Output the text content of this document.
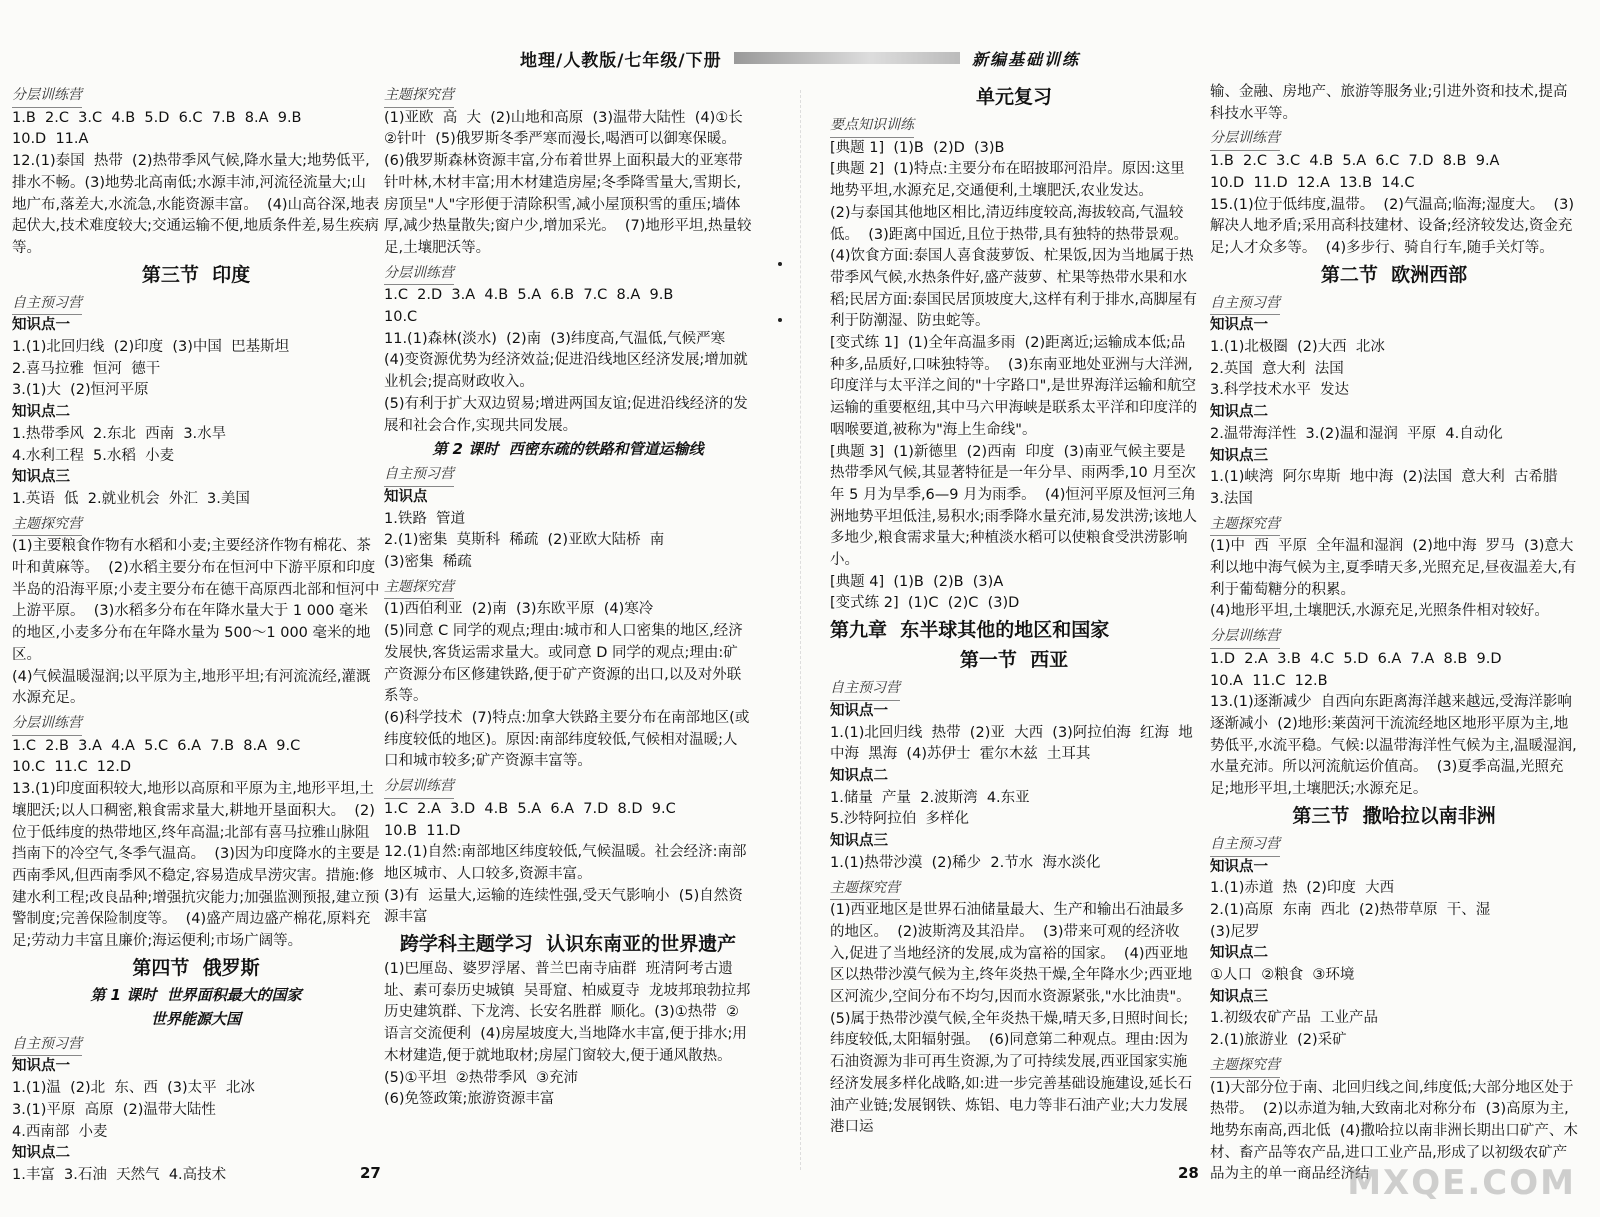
地理/人教版/七年级/下册	新编基础训练
分层训练营
1.B  2.C  3.C  4.B  5.D  6.C  7.B  8.A  9.B
10.D  11.A
12.(1)泰国  热带  (2)热带季风气候,降水量大;地势低平,排水不畅。(3)地势北高南低;水源丰沛,河流径流量大;山地广布,落差大,水流急,水能资源丰富。  (4)山高谷深,地表起伏大,技术难度较大;交通运输不便,地质条件差,易生疾病等。
第三节  印度
自主预习营
知识点一
1.(1)北回归线  (2)印度  (3)中国  巴基斯坦
2.喜马拉雅  恒河  德干
3.(1)大  (2)恒河平原
知识点二
1.热带季风  2.东北  西南  3.水旱
4.水利工程  5.水稻  小麦
知识点三
1.英语  低  2.就业机会  外汇  3.美国
主题探究营
(1)主要粮食作物有水稻和小麦;主要经济作物有棉花、茶叶和黄麻等。  (2)水稻主要分布在恒河中下游平原和印度半岛的沿海平原;小麦主要分布在德干高原西北部和恒河中上游平原。  (3)水稻多分布在年降水量大于 1 000 毫米的地区,小麦多分布在年降水量为 500～1 000 毫米的地区。
(4)气候温暖湿润;以平原为主,地形平坦;有河流流经,灌溉水源充足。
分层训练营
1.C  2.B  3.A  4.A  5.C  6.A  7.B  8.A  9.C
10.C  11.C  12.D
13.(1)印度面积较大,地形以高原和平原为主,地形平坦,土壤肥沃;以人口稠密,粮食需求量大,耕地开垦面积大。  (2)位于低纬度的热带地区,终年高温;北部有喜马拉雅山脉阻挡南下的冷空气,冬季气温高。  (3)因为印度降水的主要是西南季风,但西南季风不稳定,容易造成旱涝灾害。措施:修建水利工程;改良品种;增强抗灾能力;加强监测预报,建立预警制度;完善保险制度等。  (4)盛产周边盛产棉花,原料充足;劳动力丰富且廉价;海运便利;市场广阔等。
第四节  俄罗斯
第 1 课时  世界面积最大的国家
世界能源大国
自主预习营
知识点一
1.(1)温  (2)北  东、西  (3)太平  北冰
3.(1)平原  高原  (2)温带大陆性
4.西南部  小麦
知识点二
1.丰富  3.石油  天然气  4.高技术
主题探究营
(1)亚欧  高  大  (2)山地和高原  (3)温带大陆性  (4)①长  ②针叶  (5)俄罗斯冬季严寒而漫长,喝酒可以御寒保暖。  (6)俄罗斯森林资源丰富,分布着世界上面积最大的亚寒带针叶林,木材丰富;用木材建造房屋;冬季降雪量大,雪期长,房顶呈"人"字形便于清除积雪,减小屋顶积雪的重压;墙体厚,减少热量散失;窗户少,增加采光。  (7)地形平坦,热量较足,土壤肥沃等。
分层训练营
1.C  2.D  3.A  4.B  5.A  6.B  7.C  8.A  9.B
10.C
11.(1)森林(淡水)  (2)南  (3)纬度高,气温低,气候严寒  (4)变资源优势为经济效益;促进沿线地区经济发展;增加就业机会;提高财政收入。
(5)有利于扩大双边贸易;增进两国友谊;促进沿线经济的发展和社会合作,实现共同发展。
第 2 课时  西密东疏的铁路和管道运输线
自主预习营
知识点
1.铁路  管道
2.(1)密集  莫斯科  稀疏  (2)亚欧大陆桥  南
(3)密集  稀疏
主题探究营
(1)西伯利亚  (2)南  (3)东欧平原  (4)寒冷
(5)同意 C 同学的观点;理由:城市和人口密集的地区,经济发展快,客货运需求量大。或同意 D 同学的观点;理由:矿产资源分布区修建铁路,便于矿产资源的出口,以及对外联系等。
(6)科学技术  (7)特点:加拿大铁路主要分布在南部地区(或纬度较低的地区)。原因:南部纬度较低,气候相对温暖;人口和城市较多;矿产资源丰富等。
分层训练营
1.C  2.A  3.D  4.B  5.A  6.A  7.D  8.D  9.C
10.B  11.D
12.(1)自然:南部地区纬度较低,气候温暖。社会经济:南部地区城市、人口较多,资源丰富。
(3)有  运量大,运输的连续性强,受天气影响小  (5)自然资源丰富
跨学科主题学习  认识东南亚的世界遗产
(1)巴厘岛、婆罗浮屠、普兰巴南寺庙群  班清阿考古遗址、素可泰历史城镇  吴哥窟、柏威夏寺  龙坡邦琅勃拉邦历史建筑群、下龙湾、长安名胜群  顺化。(3)①热带  ②语言交流便利  (4)房屋坡度大,当地降水丰富,便于排水;用木材建造,便于就地取材;房屋门窗较大,便于通风散热。
(5)①平坦  ②热带季风  ③充沛
(6)免签政策;旅游资源丰富
单元复习
要点知识训练
[典题 1]  (1)B  (2)D  (3)B
[典题 2]  (1)特点:主要分布在昭披耶河沿岸。原因:这里地势平坦,水源充足,交通便利,土壤肥沃,农业发达。
(2)与泰国其他地区相比,清迈纬度较高,海拔较高,气温较低。  (3)距离中国近,且位于热带,具有独特的热带景观。  (4)饮食方面:泰国人喜食菠萝饭、杧果饭,因为当地属于热带季风气候,水热条件好,盛产菠萝、杧果等热带水果和水稻;民居方面:泰国民居顶坡度大,这样有利于排水,高脚屋有利于防潮湿、防虫蛇等。
[变式练 1]  (1)全年高温多雨  (2)距离近;运输成本低;品种多,品质好,口味独特等。  (3)东南亚地处亚洲与大洋洲,印度洋与太平洋之间的"十字路口",是世界海洋运输和航空运输的重要枢纽,其中马六甲海峡是联系太平洋和印度洋的咽喉要道,被称为"海上生命线"。
[典题 3]  (1)新德里  (2)西南  印度  (3)南亚气候主要是热带季风气候,其显著特征是一年分旱、雨两季,10 月至次年 5 月为旱季,6—9 月为雨季。  (4)恒河平原及恒河三角洲地势平坦低洼,易积水;雨季降水量充沛,易发洪涝;该地人多地少,粮食需求量大;种植淡水稻可以使粮食受洪涝影响小。
[典题 4]  (1)B  (2)B  (3)A
[变式练 2]  (1)C  (2)C  (3)D
第九章  东半球其他的地区和国家
第一节  西亚
自主预习营
知识点一
1.(1)北回归线  热带  (2)亚  大西  (3)阿拉伯海  红海  地中海  黑海  (4)苏伊士  霍尔木兹  土耳其
知识点二
1.储量  产量  2.波斯湾  4.东亚
5.沙特阿拉伯  多样化
知识点三
1.(1)热带沙漠  (2)稀少  2.节水  海水淡化
主题探究营
(1)西亚地区是世界石油储量最大、生产和输出石油最多的地区。  (2)波斯湾及其沿岸。  (3)带来可观的经济收入,促进了当地经济的发展,成为富裕的国家。  (4)西亚地区以热带沙漠气候为主,终年炎热干燥,全年降水少;西亚地区河流少,空间分布不均匀,因而水资源紧张,"水比油贵"。  (5)属于热带沙漠气候,全年炎热干燥,晴天多,日照时间长;纬度较低,太阳辐射强。  (6)同意第二种观点。理由:因为石油资源为非可再生资源,为了可持续发展,西亚国家实施经济发展多样化战略,如:进一步完善基础设施建设,延长石油产业链;发展钢铁、炼铝、电力等非石油产业;大力发展港口运
输、金融、房地产、旅游等服务业;引进外资和技术,提高科技水平等。
分层训练营
1.B  2.C  3.C  4.B  5.A  6.C  7.D  8.B  9.A
10.D  11.D  12.A  13.B  14.C
15.(1)位于低纬度,温带。  (2)气温高;临海;湿度大。  (3)解决人地矛盾;采用高科技建材、设备;经济较发达,资金充足;人才众多等。  (4)多步行、骑自行车,随手关灯等。
第二节  欧洲西部
自主预习营
知识点一
1.(1)北极圈  (2)大西  北冰
2.英国  意大利  法国
3.科学技术水平  发达
知识点二
2.温带海洋性  3.(2)温和湿润  平原  4.自动化
知识点三
1.(1)峡湾  阿尔卑斯  地中海  (2)法国  意大利  古希腊
3.法国
主题探究营
(1)中  西  平原  全年温和湿润  (2)地中海  罗马  (3)意大利以地中海气候为主,夏季晴天多,光照充足,昼夜温差大,有利于葡萄糖分的积累。
(4)地形平坦,土壤肥沃,水源充足,光照条件相对较好。
分层训练营
1.D  2.A  3.B  4.C  5.D  6.A  7.A  8.B  9.D
10.A  11.C  12.B
13.(1)逐渐减少  自西向东距离海洋越来越远,受海洋影响逐渐减小  (2)地形:莱茵河干流流经地区地形平原为主,地势低平,水流平稳。气候:以温带海洋性气候为主,温暖湿润,水量充沛。所以河流航运价值高。  (3)夏季高温,光照充足;地形平坦,土壤肥沃;水源充足。
第三节  撒哈拉以南非洲
自主预习营
知识点一
1.(1)赤道  热  (2)印度  大西
2.(1)高原  东南  西北  (2)热带草原  干、湿
(3)尼罗
知识点二
①人口  ②粮食  ③环境
知识点三
1.初级农矿产品  工业产品
2.(1)旅游业  (2)采矿
主题探究营
(1)大部分位于南、北回归线之间,纬度低;大部分地区处于热带。  (2)以赤道为轴,大致南北对称分布  (3)高原为主,地势东南高,西北低  (4)撒哈拉以南非洲长期出口矿产、木材、畜产品等农产品,进口工业产品,形成了以初级农矿产品为主的单一商品经济结
27	28	MXQE.COM
